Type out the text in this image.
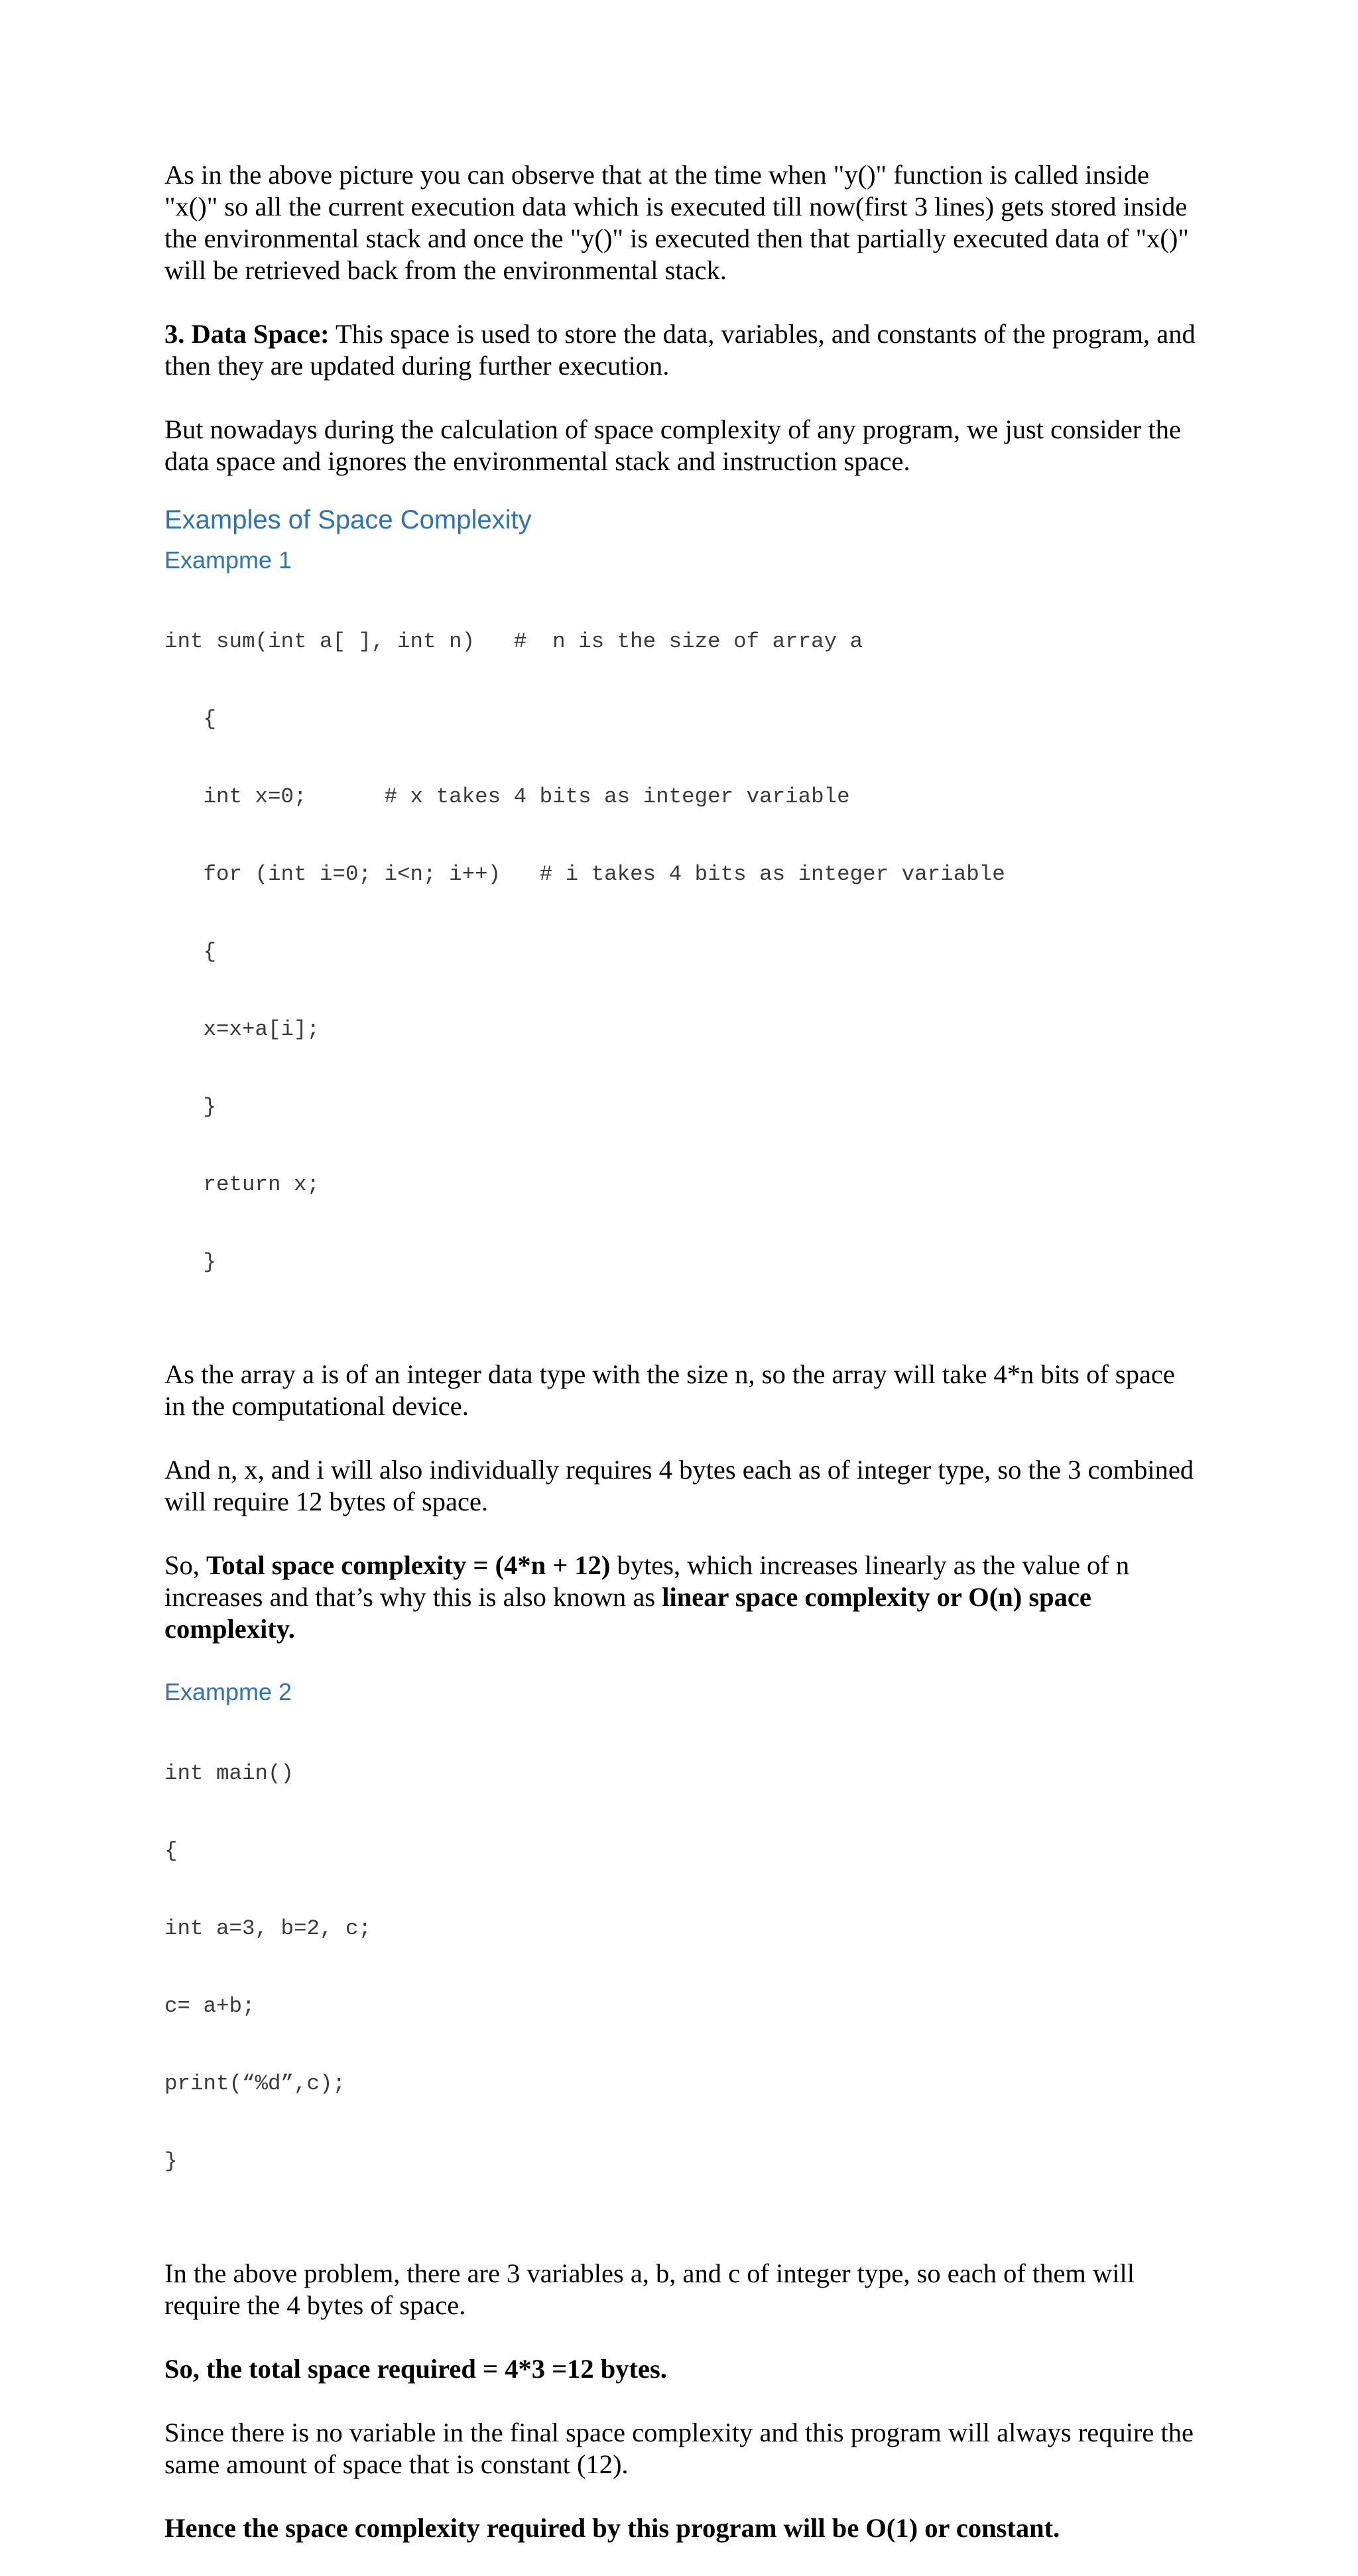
As in the above picture you can observe that at the time when "y()" function is called inside "x()" so all the current execution data which is executed till now(first 3 lines) gets stored inside the environmental stack and once the "y()" is executed then that partially executed data of "x()" will be retrieved back from the environmental stack.

3. Data Space: This space is used to store the data, variables, and constants of the program, and then they are updated during further execution.

But nowadays during the calculation of space complexity of any program, we just consider the data space and ignores the environmental stack and instruction space.

Examples of Space Complexity
Exampme 1

int sum(int a[ ], int n)   #  n is the size of array a

{

int x=0;      # x takes 4 bits as integer variable

for (int i=0; i<n; i++)   # i takes 4 bits as integer variable

{

x=x+a[i];

}

return x;

}

As the array a is of an integer data type with the size n, so the array will take 4*n bits of space in the computational device.

And n, x, and i will also individually requires 4 bytes each as of integer type, so the 3 combined will require 12 bytes of space.

So, Total space complexity = (4*n + 12) bytes, which increases linearly as the value of n increases and that’s why this is also known as linear space complexity or O(n) space complexity.

Exampme 2

int main()

{

int a=3, b=2, c;

c= a+b;

print(“%d”,c);

}

In the above problem, there are 3 variables a, b, and c of integer type, so each of them will require the 4 bytes of space.

So, the total space required = 4*3 =12 bytes.

Since there is no variable in the final space complexity and this program will always require the same amount of space that is constant (12).

Hence the space complexity required by this program will be O(1) or constant.
